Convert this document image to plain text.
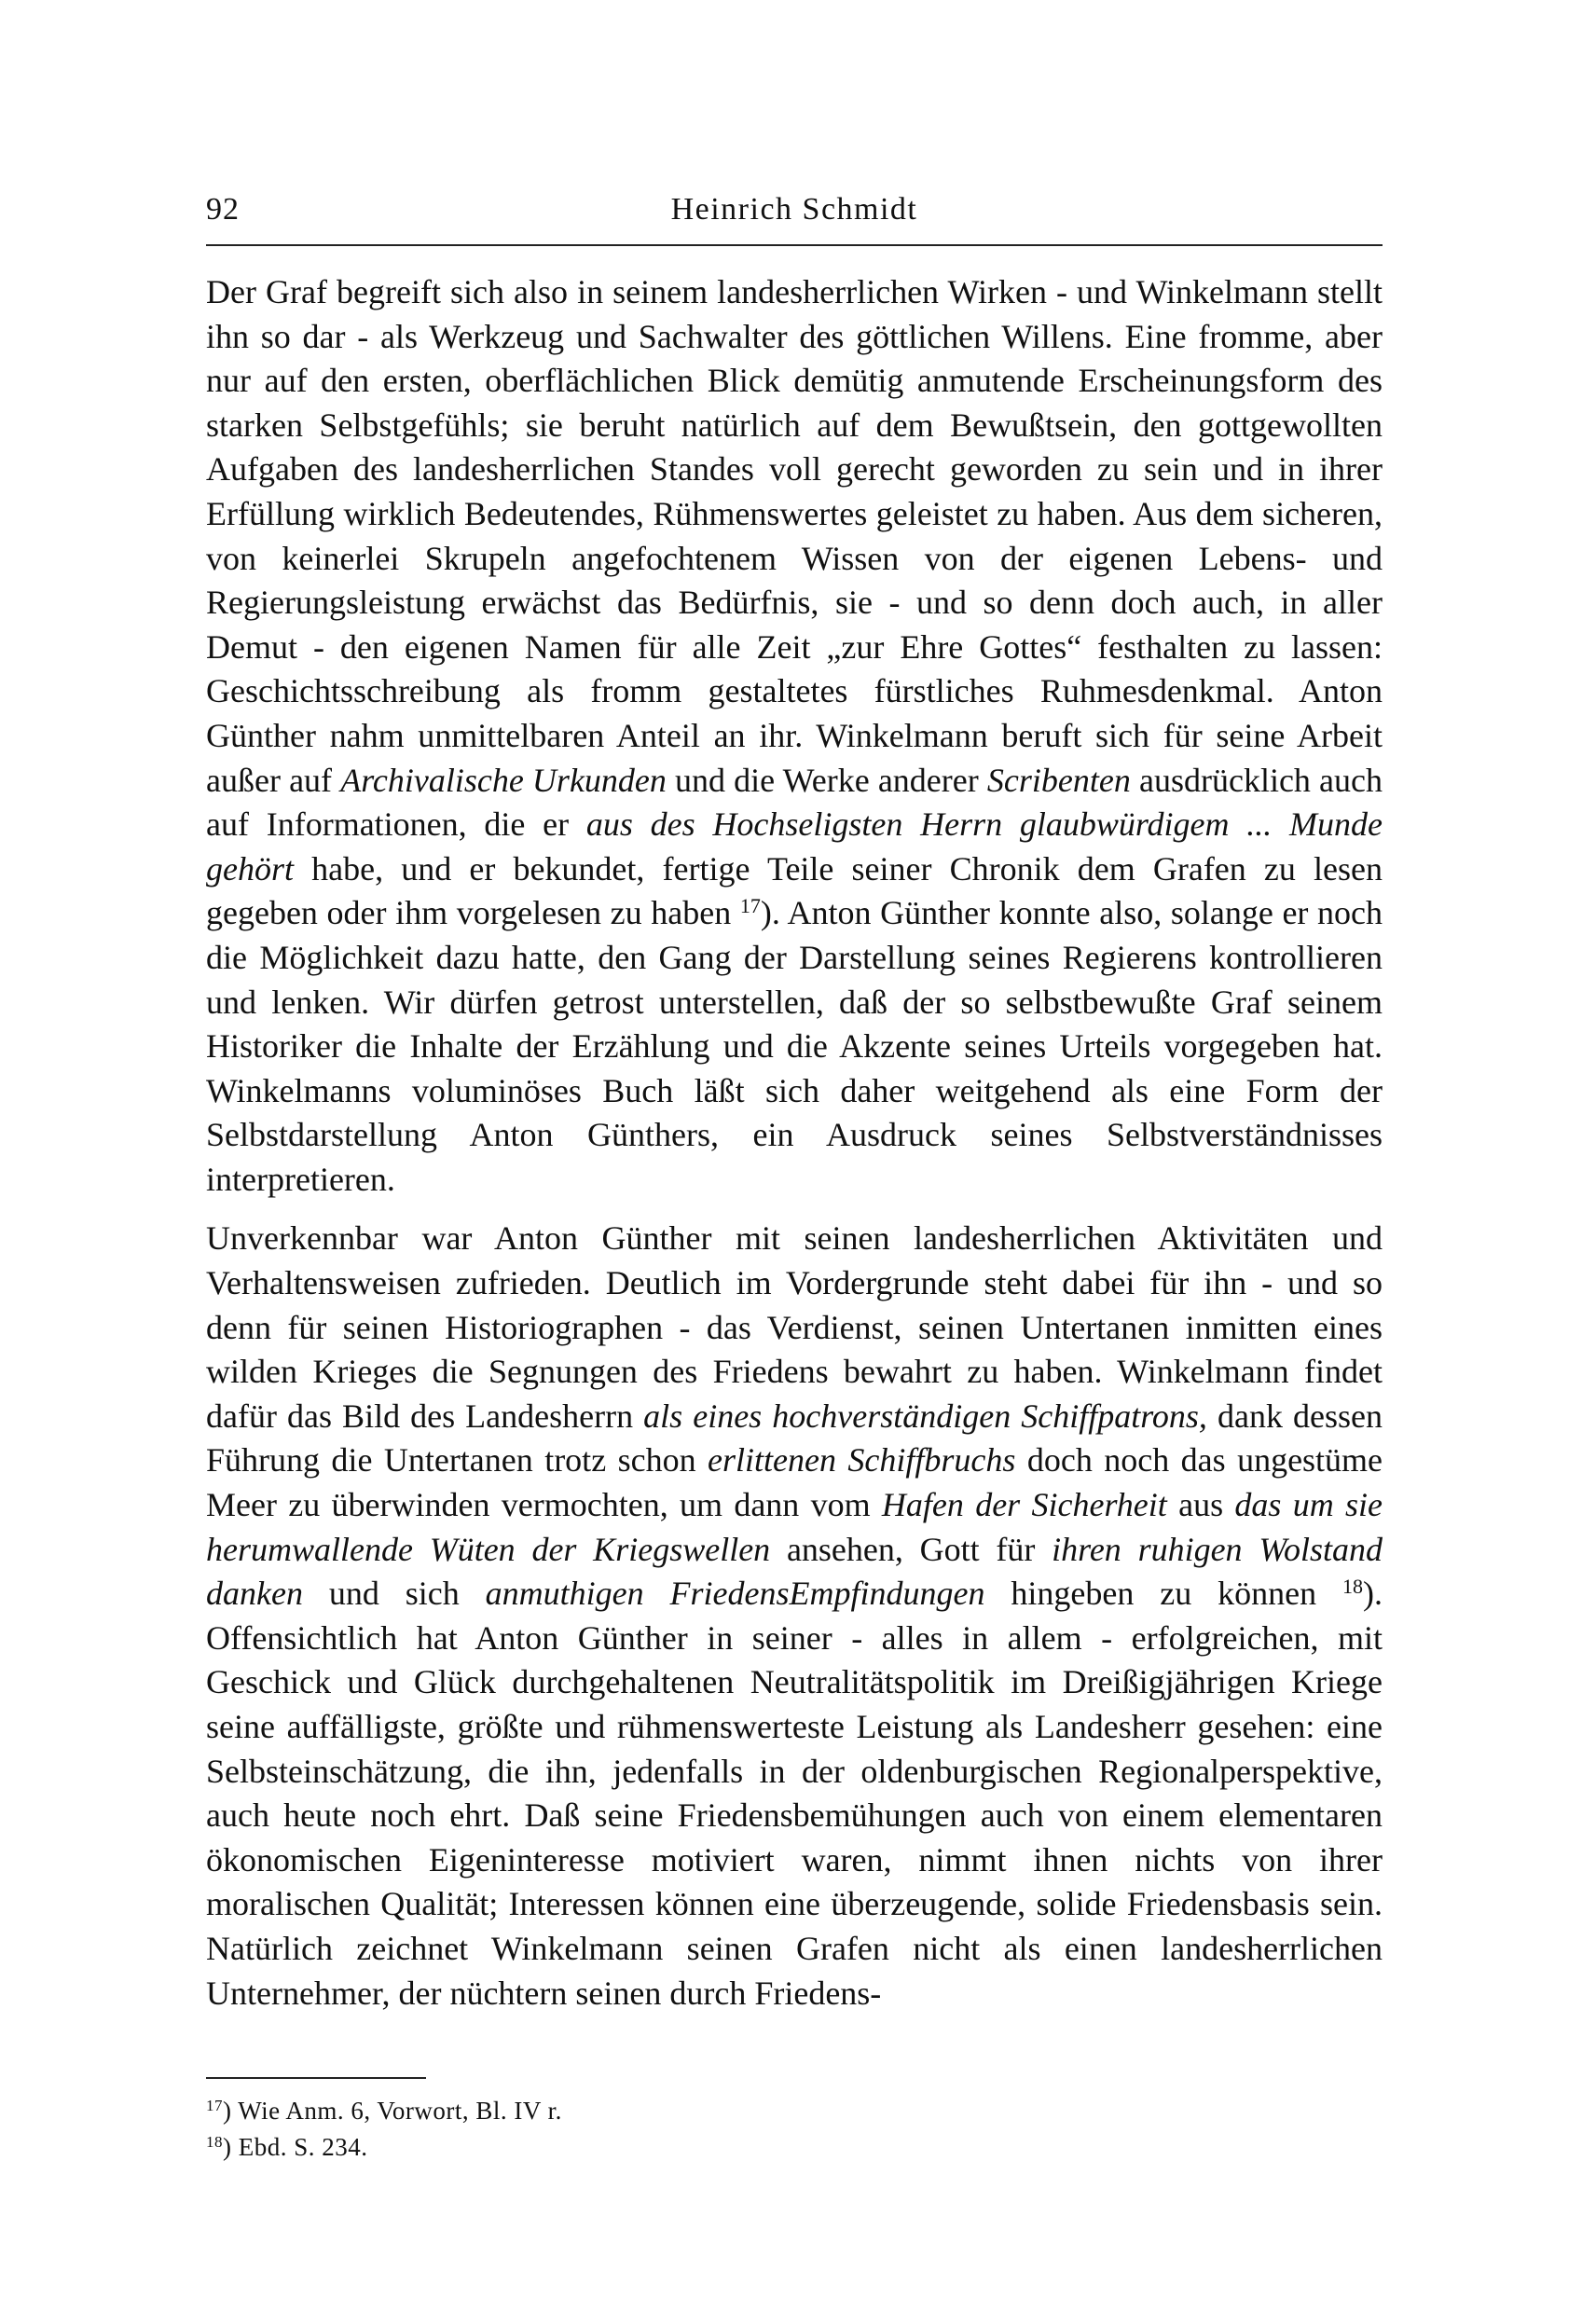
92	Heinrich Schmidt

Der Graf begreift sich also in seinem landesherrlichen Wirken - und Winkelmann stellt ihn so dar - als Werkzeug und Sachwalter des göttlichen Willens. Eine fromme, aber nur auf den ersten, oberflächlichen Blick demütig anmutende Erscheinungsform des starken Selbstgefühls; sie beruht natürlich auf dem Bewußtsein, den gottgewollten Aufgaben des landesherrlichen Standes voll gerecht geworden zu sein und in ihrer Erfüllung wirklich Bedeutendes, Rühmenswertes geleistet zu haben. Aus dem sicheren, von keinerlei Skrupeln angefochtenem Wissen von der eigenen Lebens- und Regierungsleistung erwächst das Bedürfnis, sie - und so denn doch auch, in aller Demut - den eigenen Namen für alle Zeit „zur Ehre Gottes“ festhalten zu lassen: Geschichtsschreibung als fromm gestaltetes fürstliches Ruhmesdenkmal. Anton Günther nahm unmittelbaren Anteil an ihr. Winkelmann beruft sich für seine Arbeit außer auf Archivalische Urkunden und die Werke anderer Scribenten ausdrücklich auch auf Informationen, die er aus des Hochseligsten Herrn glaubwürdigem ... Munde gehört habe, und er bekundet, fertige Teile seiner Chronik dem Grafen zu lesen gegeben oder ihm vorgelesen zu haben $^{17}$). Anton Günther konnte also, solange er noch die Möglichkeit dazu hatte, den Gang der Darstellung seines Regierens kontrollieren und lenken. Wir dürfen getrost unterstellen, daß der so selbstbewußte Graf seinem Historiker die Inhalte der Erzählung und die Akzente seines Urteils vorgegeben hat. Winkelmanns voluminöses Buch läßt sich daher weitgehend als eine Form der Selbstdarstellung Anton Günthers, ein Ausdruck seines Selbstverständnisses interpretieren.

Unverkennbar war Anton Günther mit seinen landesherrlichen Aktivitäten und Verhaltensweisen zufrieden. Deutlich im Vordergrunde steht dabei für ihn - und so denn für seinen Historiographen - das Verdienst, seinen Untertanen inmitten eines wilden Krieges die Segnungen des Friedens bewahrt zu haben. Winkelmann findet dafür das Bild des Landesherrn als eines hochverständigen Schiffpatrons, dank dessen Führung die Untertanen trotz schon erlittenen Schiffbruchs doch noch das ungestüme Meer zu überwinden vermochten, um dann vom Hafen der Sicherheit aus das um sie herumwallende Wüten der Kriegswellen ansehen, Gott für ihren ruhigen Wolstand danken und sich anmuthigen FriedensEmpfindungen hingeben zu können $^{18}$). Offensichtlich hat Anton Günther in seiner - alles in allem - erfolgreichen, mit Geschick und Glück durchgehaltenen Neutralitätspolitik im Dreißigjährigen Kriege seine auffälligste, größte und rühmenswerteste Leistung als Landesherr gesehen: eine Selbsteinschätzung, die ihn, jedenfalls in der oldenburgischen Regionalperspektive, auch heute noch ehrt. Daß seine Friedensbemühungen auch von einem elementaren ökonomischen Eigeninteresse motiviert waren, nimmt ihnen nichts von ihrer moralischen Qualität; Interessen können eine überzeugende, solide Friedensbasis sein. Natürlich zeichnet Winkelmann seinen Grafen nicht als einen landesherrlichen Unternehmer, der nüchtern seinen durch Friedens-

$^{17}$) Wie Anm. 6, Vorwort, Bl. IV r.
$^{18}$) Ebd. S. 234.
